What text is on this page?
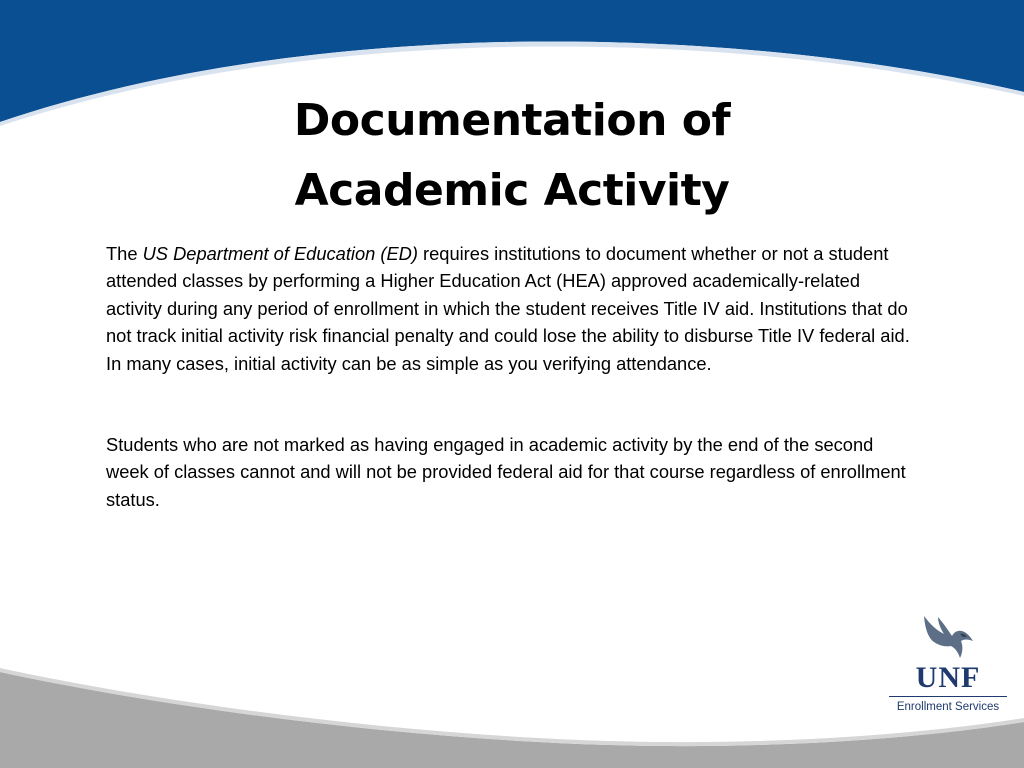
Documentation of
Academic Activity

The US Department of Education (ED) requires institutions to document whether or not a student attended classes by performing a Higher Education Act (HEA) approved academically-related activity during any period of enrollment in which the student receives Title IV aid. Institutions that do not track initial activity risk financial penalty and could lose the ability to disburse Title IV federal aid. In many cases, initial activity can be as simple as you verifying attendance.

Students who are not marked as having engaged in academic activity by the end of the second week of classes cannot and will not be provided federal aid for that course regardless of enrollment status.

UNF
Enrollment Services
